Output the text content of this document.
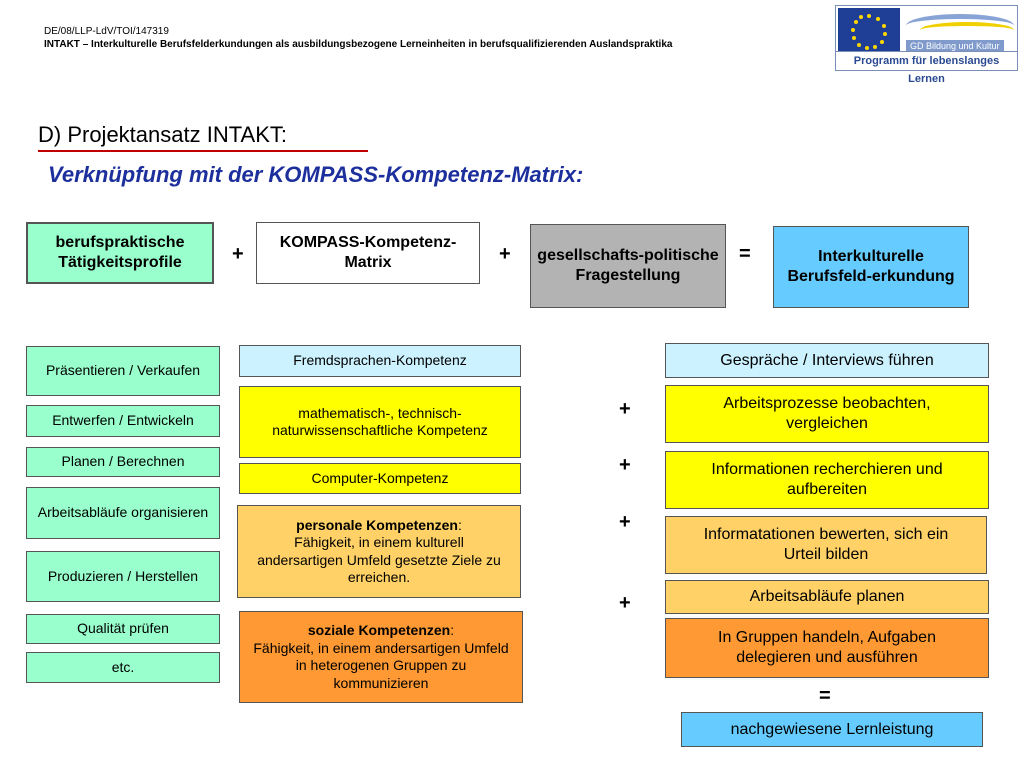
DE/08/LLP-LdV/TOI/147319
INTAKT – Interkulturelle Berufsfelderkundungen als ausbildungsbezogene Lerneinheiten in berufsqualifizierenden Auslandspraktika	GD Bildung und Kultur
Programm für lebenslanges Lernen
D) Projektansatz INTAKT:
Verknüpfung mit der KOMPASS-Kompetenz-Matrix:
berufspraktische Tätigkeitsprofile	+
KOMPASS-Kompetenz-Matrix	+	gesellschafts-politische Fragestellung
=	Interkulturelle Berufsfeld-erkundung
Präsentieren / Verkaufen
Entwerfen / Entwickeln
Planen / Berechnen
Arbeitsabläufe organisieren
Produzieren / Herstellen
Qualität prüfen
etc.
Fremdsprachen-Kompetenz
mathematisch-, technisch-naturwissenschaftliche Kompetenz
Computer-Kompetenz
personale Kompetenzen:
Fähigkeit, in einem kulturell andersartigen Umfeld gesetzte Ziele zu erreichen.
soziale Kompetenzen:
Fähigkeit, in einem andersartigen Umfeld in heterogenen Gruppen zu kommunizieren
Gespräche / Interviews führen
+	Arbeitsprozesse beobachten, vergleichen
+	Informationen recherchieren und aufbereiten
+
Informatationen bewerten, sich ein Urteil bilden
+	Arbeitsabläufe planen
In Gruppen handeln, Aufgaben delegieren und ausführen
=
nachgewiesene Lernleistung
